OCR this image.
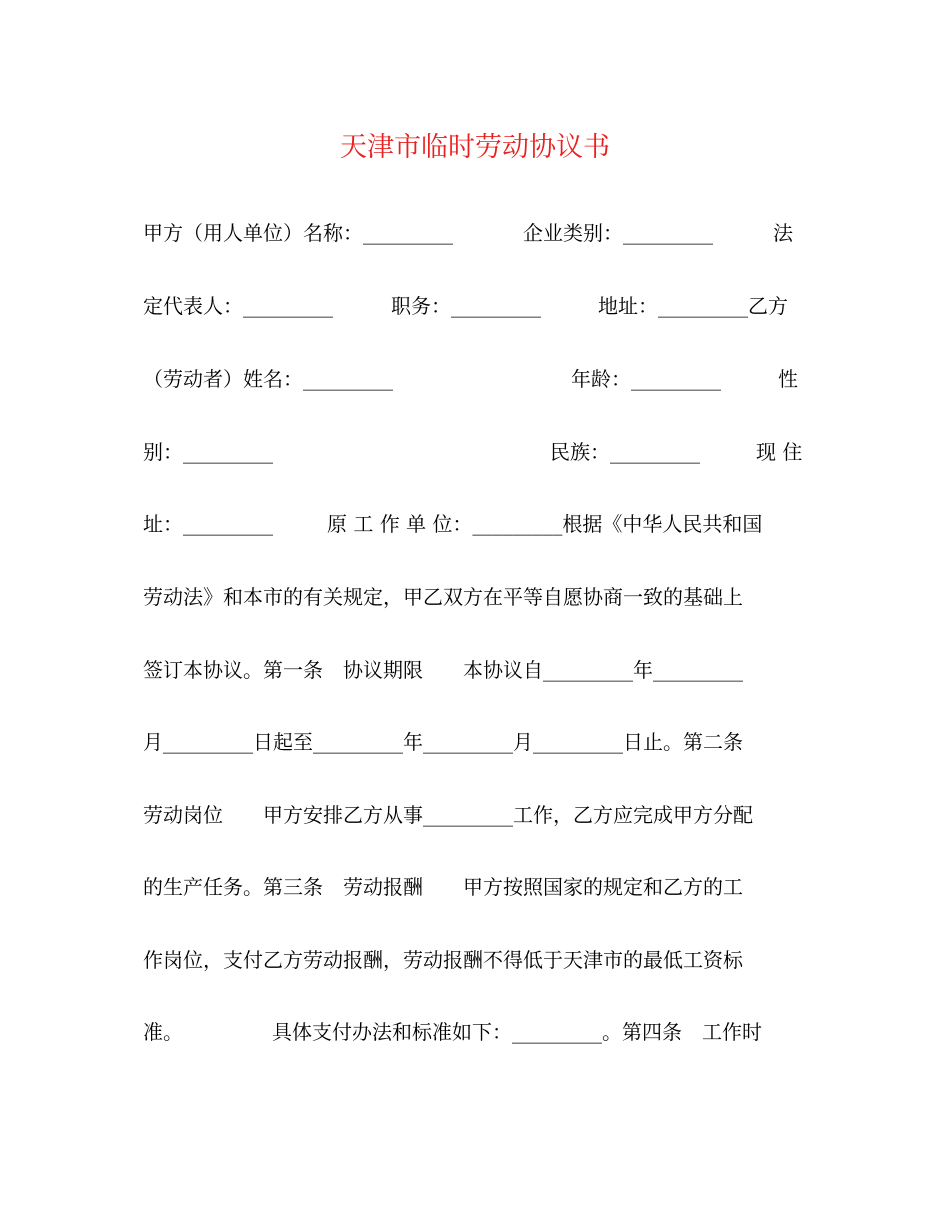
天津市临时劳动协议书
甲方（用人单位）名称：_________	企业类别：_________	法
定代表人：_________	职务：_________	地址：_________乙方
（劳动者）姓名：_________	年龄：_________	性
别：_________	民族：_________	现 住
址：_________	原 工 作 单 位：_________根据《中华人民共和国
劳动法》和本市的有关规定，甲乙双方在平等自愿协商一致的基础上
签订本协议。第一条　协议期限　　本协议自_________年_________
月_________日起至_________年_________月_________日止。第二条
劳动岗位　　甲方安排乙方从事_________工作，乙方应完成甲方分配
的生产任务。第三条　劳动报酬　　甲方按照国家的规定和乙方的工
作岗位，支付乙方劳动报酬，劳动报酬不得低于天津市的最低工资标
准。	具体支付办法和标准如下：_________。第四条　工作时
